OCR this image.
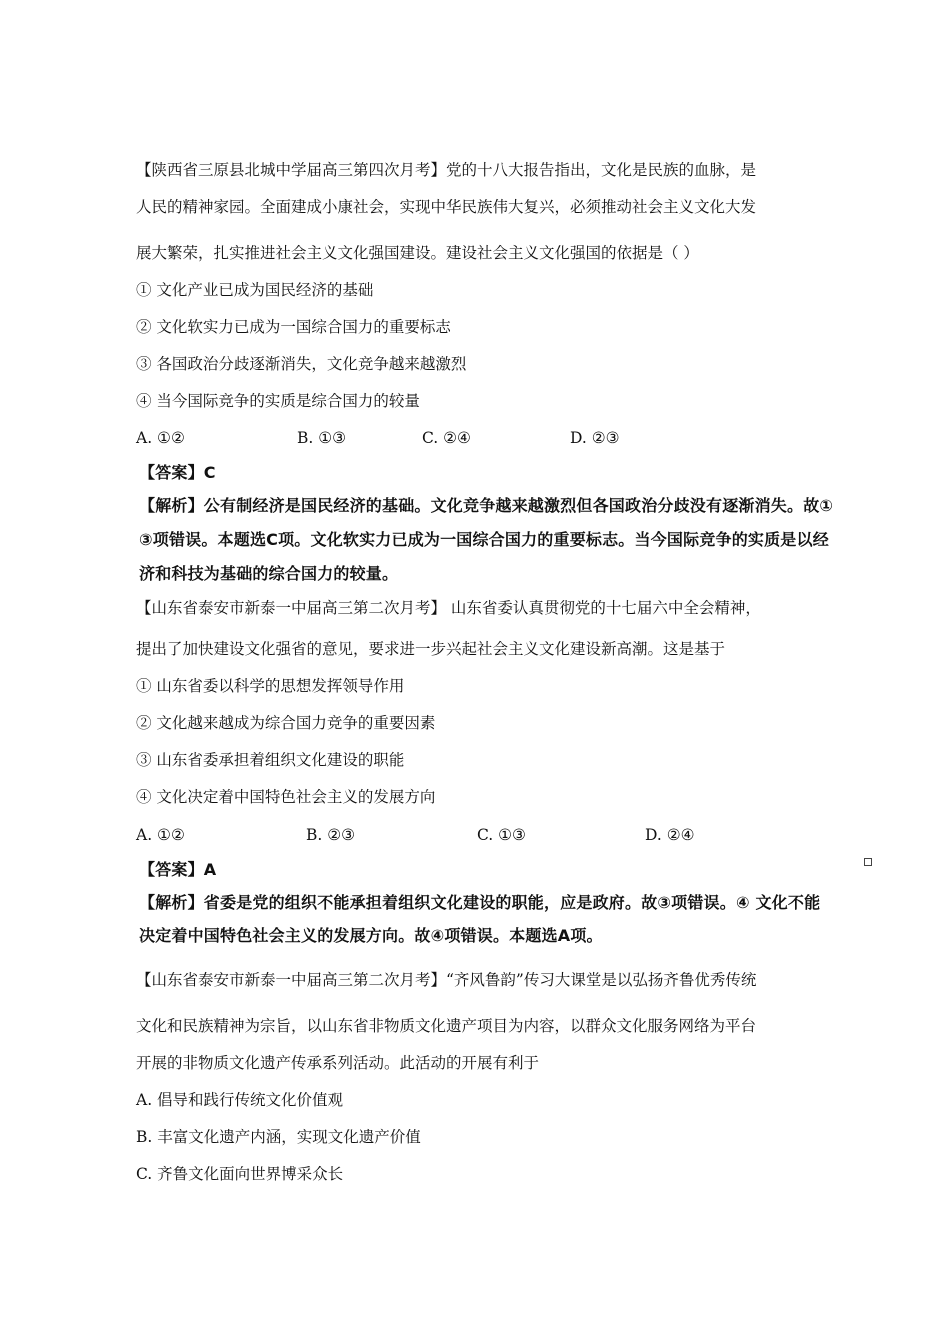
【陕西省三原县北城中学届高三第四次月考】党的十八大报告指出，文化是民族的血脉，是
人民的精神家园。全面建成小康社会，实现中华民族伟大复兴，必须推动社会主义文化大发
展大繁荣，扎实推进社会主义文化强国建设。建设社会主义文化强国的依据是（ ）
① 文化产业已成为国民经济的基础
② 文化软实力已成为一国综合国力的重要标志
③ 各国政治分歧逐渐消失，文化竞争越来越激烈
④ 当今国际竞争的实质是综合国力的较量
A. ①②	B. ①③	C. ②④	D. ②③
【答案】C
【解析】公有制经济是国民经济的基础。文化竞争越来越激烈但各国政治分歧没有逐渐消失。故①
③项错误。本题选C项。文化软实力已成为一国综合国力的重要标志。当今国际竞争的实质是以经
济和科技为基础的综合国力的较量。
【山东省泰安市新泰一中届高三第二次月考】 山东省委认真贯彻党的十七届六中全会精神，
提出了加快建设文化强省的意见，要求进一步兴起社会主义文化建设新高潮。这是基于
① 山东省委以科学的思想发挥领导作用
② 文化越来越成为综合国力竞争的重要因素
③ 山东省委承担着组织文化建设的职能
④ 文化决定着中国特色社会主义的发展方向
A. ①②	B. ②③	C. ①③	D. ②④
【答案】A
【解析】省委是党的组织不能承担着组织文化建设的职能，应是政府。故③项错误。④ 文化不能
决定着中国特色社会主义的发展方向。故④项错误。本题选A项。
【山东省泰安市新泰一中届高三第二次月考】“齐风鲁韵”传习大课堂是以弘扬齐鲁优秀传统
文化和民族精神为宗旨，以山东省非物质文化遗产项目为内容，以群众文化服务网络为平台
开展的非物质文化遗产传承系列活动。此活动的开展有利于
A. 倡导和践行传统文化价值观
B. 丰富文化遗产内涵，实现文化遗产价值
C. 齐鲁文化面向世界博采众长
